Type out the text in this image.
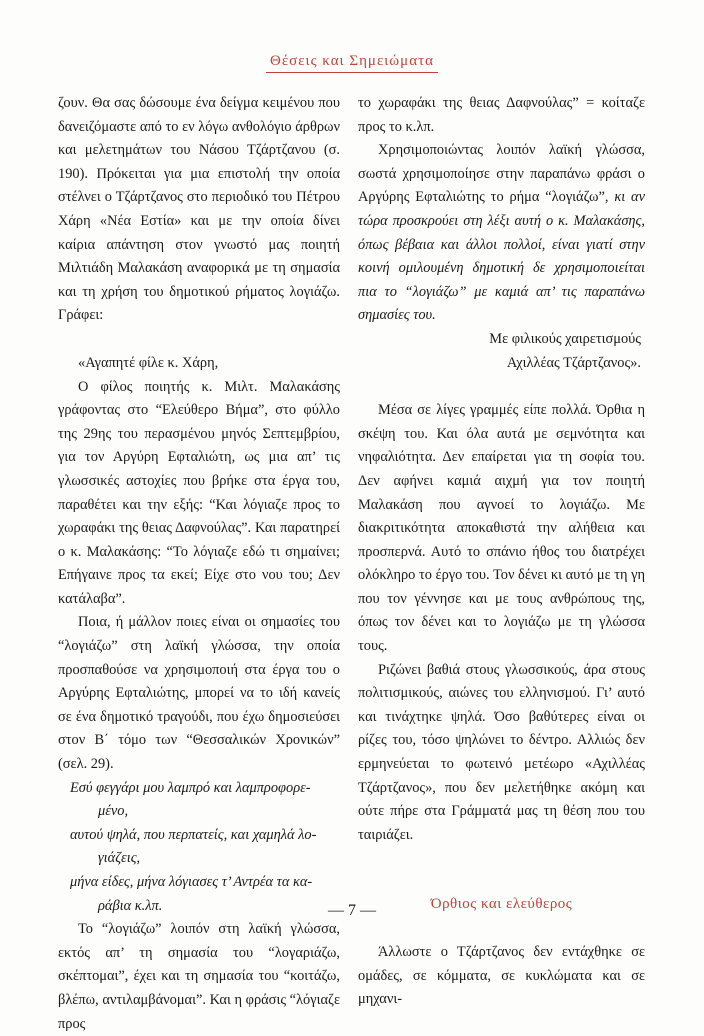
Θέσεις και Σημειώματα

ζουν. Θα σας δώσουμε ένα δείγμα κειμένου που δανειζόμαστε από το εν λόγω ανθολόγιο άρθρων και μελετημάτων του Νάσου Τζάρτζανου (σ. 190). Πρόκειται για μια επιστολή την οποία στέλνει ο Τζάρτζανος στο περιοδικό του Πέτρου Χάρη «Νέα Εστία» και με την οποία δίνει καίρια απάντηση στον γνωστό μας ποιητή Μιλτιάδη Μαλακάση αναφορικά με τη σημασία και τη χρήση του δημοτικού ρήματος λογιάζω. Γράφει:

«Αγαπητέ φίλε κ. Χάρη,

Ο φίλος ποιητής κ. Μιλτ. Μαλακάσης γράφοντας στο “Ελεύθερο Βήμα”, στο φύλλο της 29ης του περασμένου μηνός Σεπτεμβρίου, για τον Αργύρη Εφταλιώτη, ως μια απ’ τις γλωσσικές αστοχίες που βρήκε στα έργα του, παραθέτει και την εξής: “Και λόγιαζε προς το χωραφάκι της θειας Δαφνούλας”. Και παρατηρεί ο κ. Μαλακάσης: “Το λόγιαζε εδώ τι σημαίνει; Επήγαινε προς τα εκεί; Είχε στο νου του; Δεν κατάλαβα”.

Ποια, ή μάλλον ποιες είναι οι σημασίες του “λογιάζω” στη λαϊκή γλώσσα, την οποία προσπαθούσε να χρησιμοποιή στα έργα του ο Αργύρης Εφταλιώτης, μπορεί να το ιδή κανείς σε ένα δημοτικό τραγούδι, που έχω δημοσιεύσει στον Β΄ τόμο των “Θεσσαλικών Χρονικών” (σελ. 29).

Εσύ φεγγάρι μου λαμπρό και λαμπροφορε-

μένο,

αυτού ψηλά, που περπατείς, και χαμηλά λο-

γιάζεις,

μήνα είδες, μήνα λόγιασες τ’ Αντρέα τα κα-

ράβια κ.λπ.

Το “λογιάζω” λοιπόν στη λαϊκή γλώσσα, εκτός απ’ τη σημασία του “λογαριάζω, σκέπτομαι”, έχει και τη σημασία του “κοιτάζω, βλέπω, αντιλαμβάνομαι”. Και η φράσις “λόγιαζε προς

το χωραφάκι της θειας Δαφνούλας” = κοίταζε προς το κ.λπ.

Χρησιμοποιώντας λοιπόν λαϊκή γλώσσα, σωστά χρησιμοποίησε στην παραπάνω φράσι ο Αργύρης Εφταλιώτης το ρήμα “λογιάζω”, κι αν τώρα προσκρούει στη λέξι αυτή ο κ. Μαλακάσης, όπως βέβαια και άλλοι πολλοί, είναι γιατί στην κοινή ομιλουμένη δημοτική δε χρησιμοποιείται πια το “λογιάζω” με καμιά απ’ τις παραπάνω σημασίες του.

Με φιλικούς χαιρετισμούς

Αχιλλέας Τζάρτζανος».

Μέσα σε λίγες γραμμές είπε πολλά. Όρθια η σκέψη του. Και όλα αυτά με σεμνότητα και νηφαλιότητα. Δεν επαίρεται για τη σοφία του. Δεν αφήνει καμιά αιχμή για τον ποιητή Μαλακάση που αγνοεί το λογιάζω. Με διακριτικότητα αποκαθιστά την αλήθεια και προσπερνά. Αυτό το σπάνιο ήθος του διατρέχει ολόκληρο το έργο του. Τον δένει κι αυτό με τη γη που τον γέννησε και με τους ανθρώπους της, όπως τον δένει και το λογιάζω με τη γλώσσα τους.

Ριζώνει βαθιά στους γλωσσικούς, άρα στους πολιτισμικούς, αιώνες του ελληνισμού. Γι’ αυτό και τινάχτηκε ψηλά. Όσο βαθύτερες είναι οι ρίζες του, τόσο ψηλώνει το δέντρο. Αλλιώς δεν ερμηνεύεται το φωτεινό μετέωρο «Αχιλλέας Τζάρτζανος», που δεν μελετήθηκε ακόμη και ούτε πήρε στα Γράμματά μας τη θέση που του ταιριάζει.

Όρθιος και ελεύθερος

Άλλωστε ο Τζάρτζανος δεν εντάχθηκε σε ομάδες, σε κόμματα, σε κυκλώματα και σε μηχανι-

— 7 —
